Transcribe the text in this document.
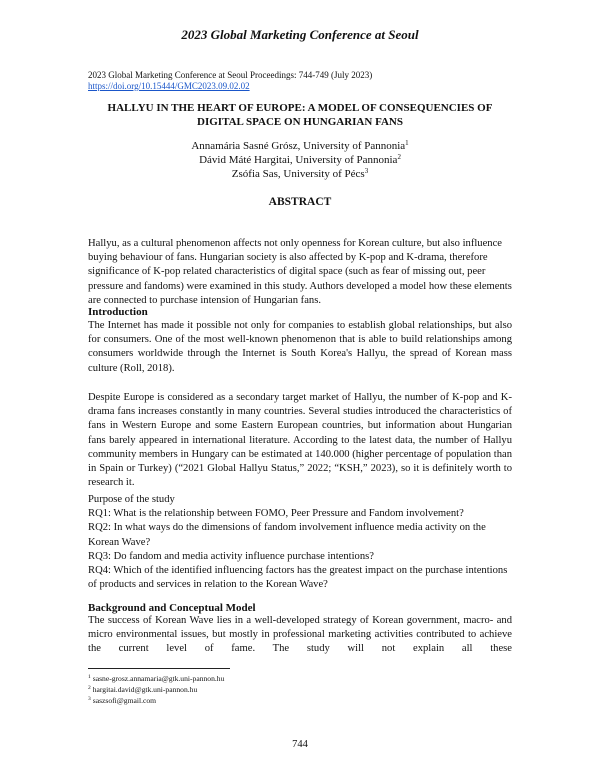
2023 Global Marketing Conference at Seoul
2023 Global Marketing Conference at Seoul Proceedings: 744-749 (July 2023)
https://doi.org/10.15444/GMC2023.09.02.02
HALLYU IN THE HEART OF EUROPE: A MODEL OF CONSEQUENCIES OF DIGITAL SPACE ON HUNGARIAN FANS
Annamária Sasné Grósz, University of Pannonia$^1$
Dávid Máté Hargitai, University of Pannonia$^2$
Zsófia Sas, University of Pécs$^3$
ABSTRACT

Hallyu, as a cultural phenomenon affects not only openness for Korean culture, but also influence buying behaviour of fans. Hungarian society is also affected by K-pop and K-drama, therefore significance of K-pop related characteristics of digital space (such as fear of missing out, peer pressure and fandoms) were examined in this study. Authors developed a model how these elements are connected to purchase intension of Hungarian fans.

Introduction

The Internet has made it possible not only for companies to establish global relationships, but also for consumers. One of the most well-known phenomenon that is able to build relationships among consumers worldwide through the Internet is South Korea's Hallyu, the spread of Korean mass culture (Roll, 2018).

Despite Europe is considered as a secondary target market of Hallyu, the number of K-pop and K-drama fans increases constantly in many countries. Several studies introduced the characteristics of fans in Western Europe and some Eastern European countries, but information about Hungarian fans barely appeared in international literature. According to the latest data, the number of Hallyu community members in Hungary can be estimated at 140.000 (higher percentage of population than in Spain or Turkey) (“2021 Global Hallyu Status,” 2022; “KSH,” 2023), so it is definitely worth to research it.

Purpose of the study
RQ1: What is the relationship between FOMO, Peer Pressure and Fandom involvement?
RQ2: In what ways do the dimensions of fandom involvement influence media activity on the Korean Wave?
RQ3: Do fandom and media activity influence purchase intentions?
RQ4: Which of the identified influencing factors has the greatest impact on the purchase intentions of products and services in relation to the Korean Wave?
Background and Conceptual Model

The success of Korean Wave lies in a well-developed strategy of Korean government, macro- and micro environmental issues, but mostly in professional marketing activities contributed to achieve the current level of fame. The study will not explain all these

$^1$ sasne-grosz.annamaria@gtk.uni-pannon.hu
$^2$ hargitai.david@gtk.uni-pannon.hu
$^3$ saszsofi@gmail.com
744
